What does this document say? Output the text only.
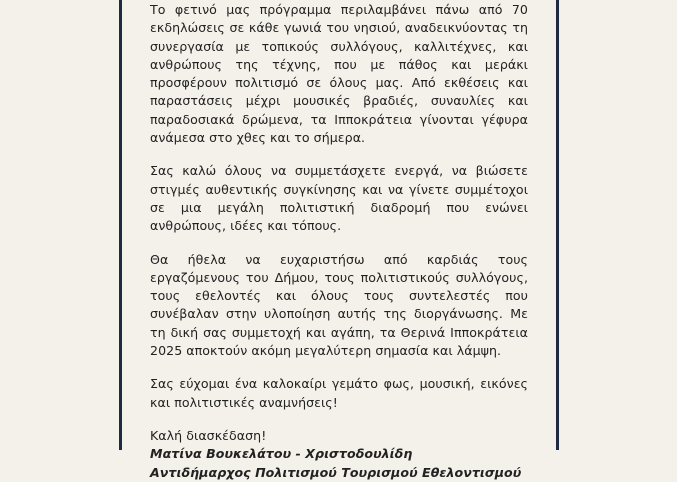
Το φετινό μας πρόγραμμα περιλαμβάνει πάνω από 70 εκδηλώσεις σε κάθε γωνιά του νησιού, αναδεικνύοντας τη συνεργασία με τοπικούς συλλόγους, καλλιτέχνες, και ανθρώπους της τέχνης, που με πάθος και μεράκι προσφέρουν πολιτισμό σε όλους μας. Από εκθέσεις και παραστάσεις μέχρι μουσικές βραδιές, συναυλίες και παραδοσιακά δρώμενα, τα Ιπποκράτεια γίνονται γέφυρα ανάμεσα στο χθες και το σήμερα.

Σας καλώ όλους να συμμετάσχετε ενεργά, να βιώσετε στιγμές αυθεντικής συγκίνησης και να γίνετε συμμέτοχοι σε μια μεγάλη πολιτιστική διαδρομή που ενώνει ανθρώπους, ιδέες και τόπους.

Θα ήθελα να ευχαριστήσω από καρδιάς τους εργαζόμενους του Δήμου, τους πολιτιστικούς συλλόγους, τους εθελοντές και όλους τους συντελεστές που συνέβαλαν στην υλοποίηση αυτής της διοργάνωσης. Με τη δική σας συμμετοχή και αγάπη, τα Θερινά Ιπποκράτεια 2025 αποκτούν ακόμη μεγαλύτερη σημασία και λάμψη.

Σας εύχομαι ένα καλοκαίρι γεμάτο φως, μουσική, εικόνες και πολιτιστικές αναμνήσεις!

Καλή διασκέδαση!

Ματίνα Βουκελάτου - Χριστοδουλίδη

Αντιδήμαρχος Πολιτισμού Τουρισμού Εθελοντισμού
